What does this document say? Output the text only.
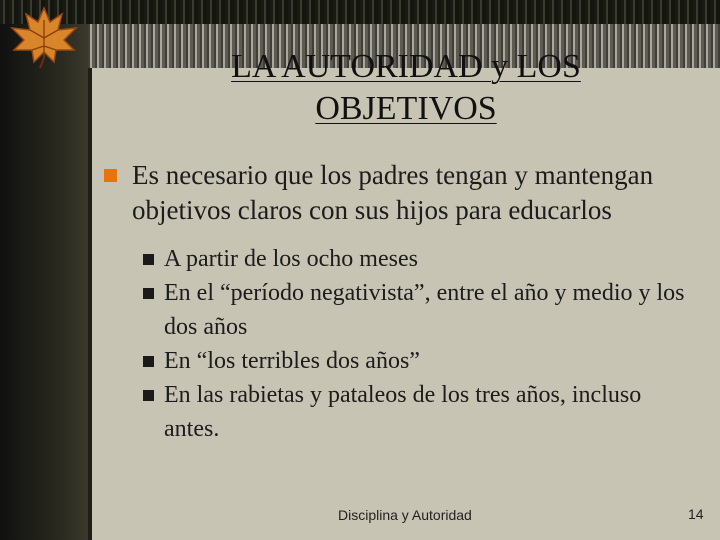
LA AUTORIDAD y LOS
OBJETIVOS
Es necesario que los padres tengan y mantengan objetivos claros con sus hijos para educarlos
A partir de los ocho meses
En el “período negativista”, entre el año y medio y los dos años
En “los terribles dos años”
En las rabietas y pataleos de los tres años, incluso antes.
Disciplina y Autoridad	14
